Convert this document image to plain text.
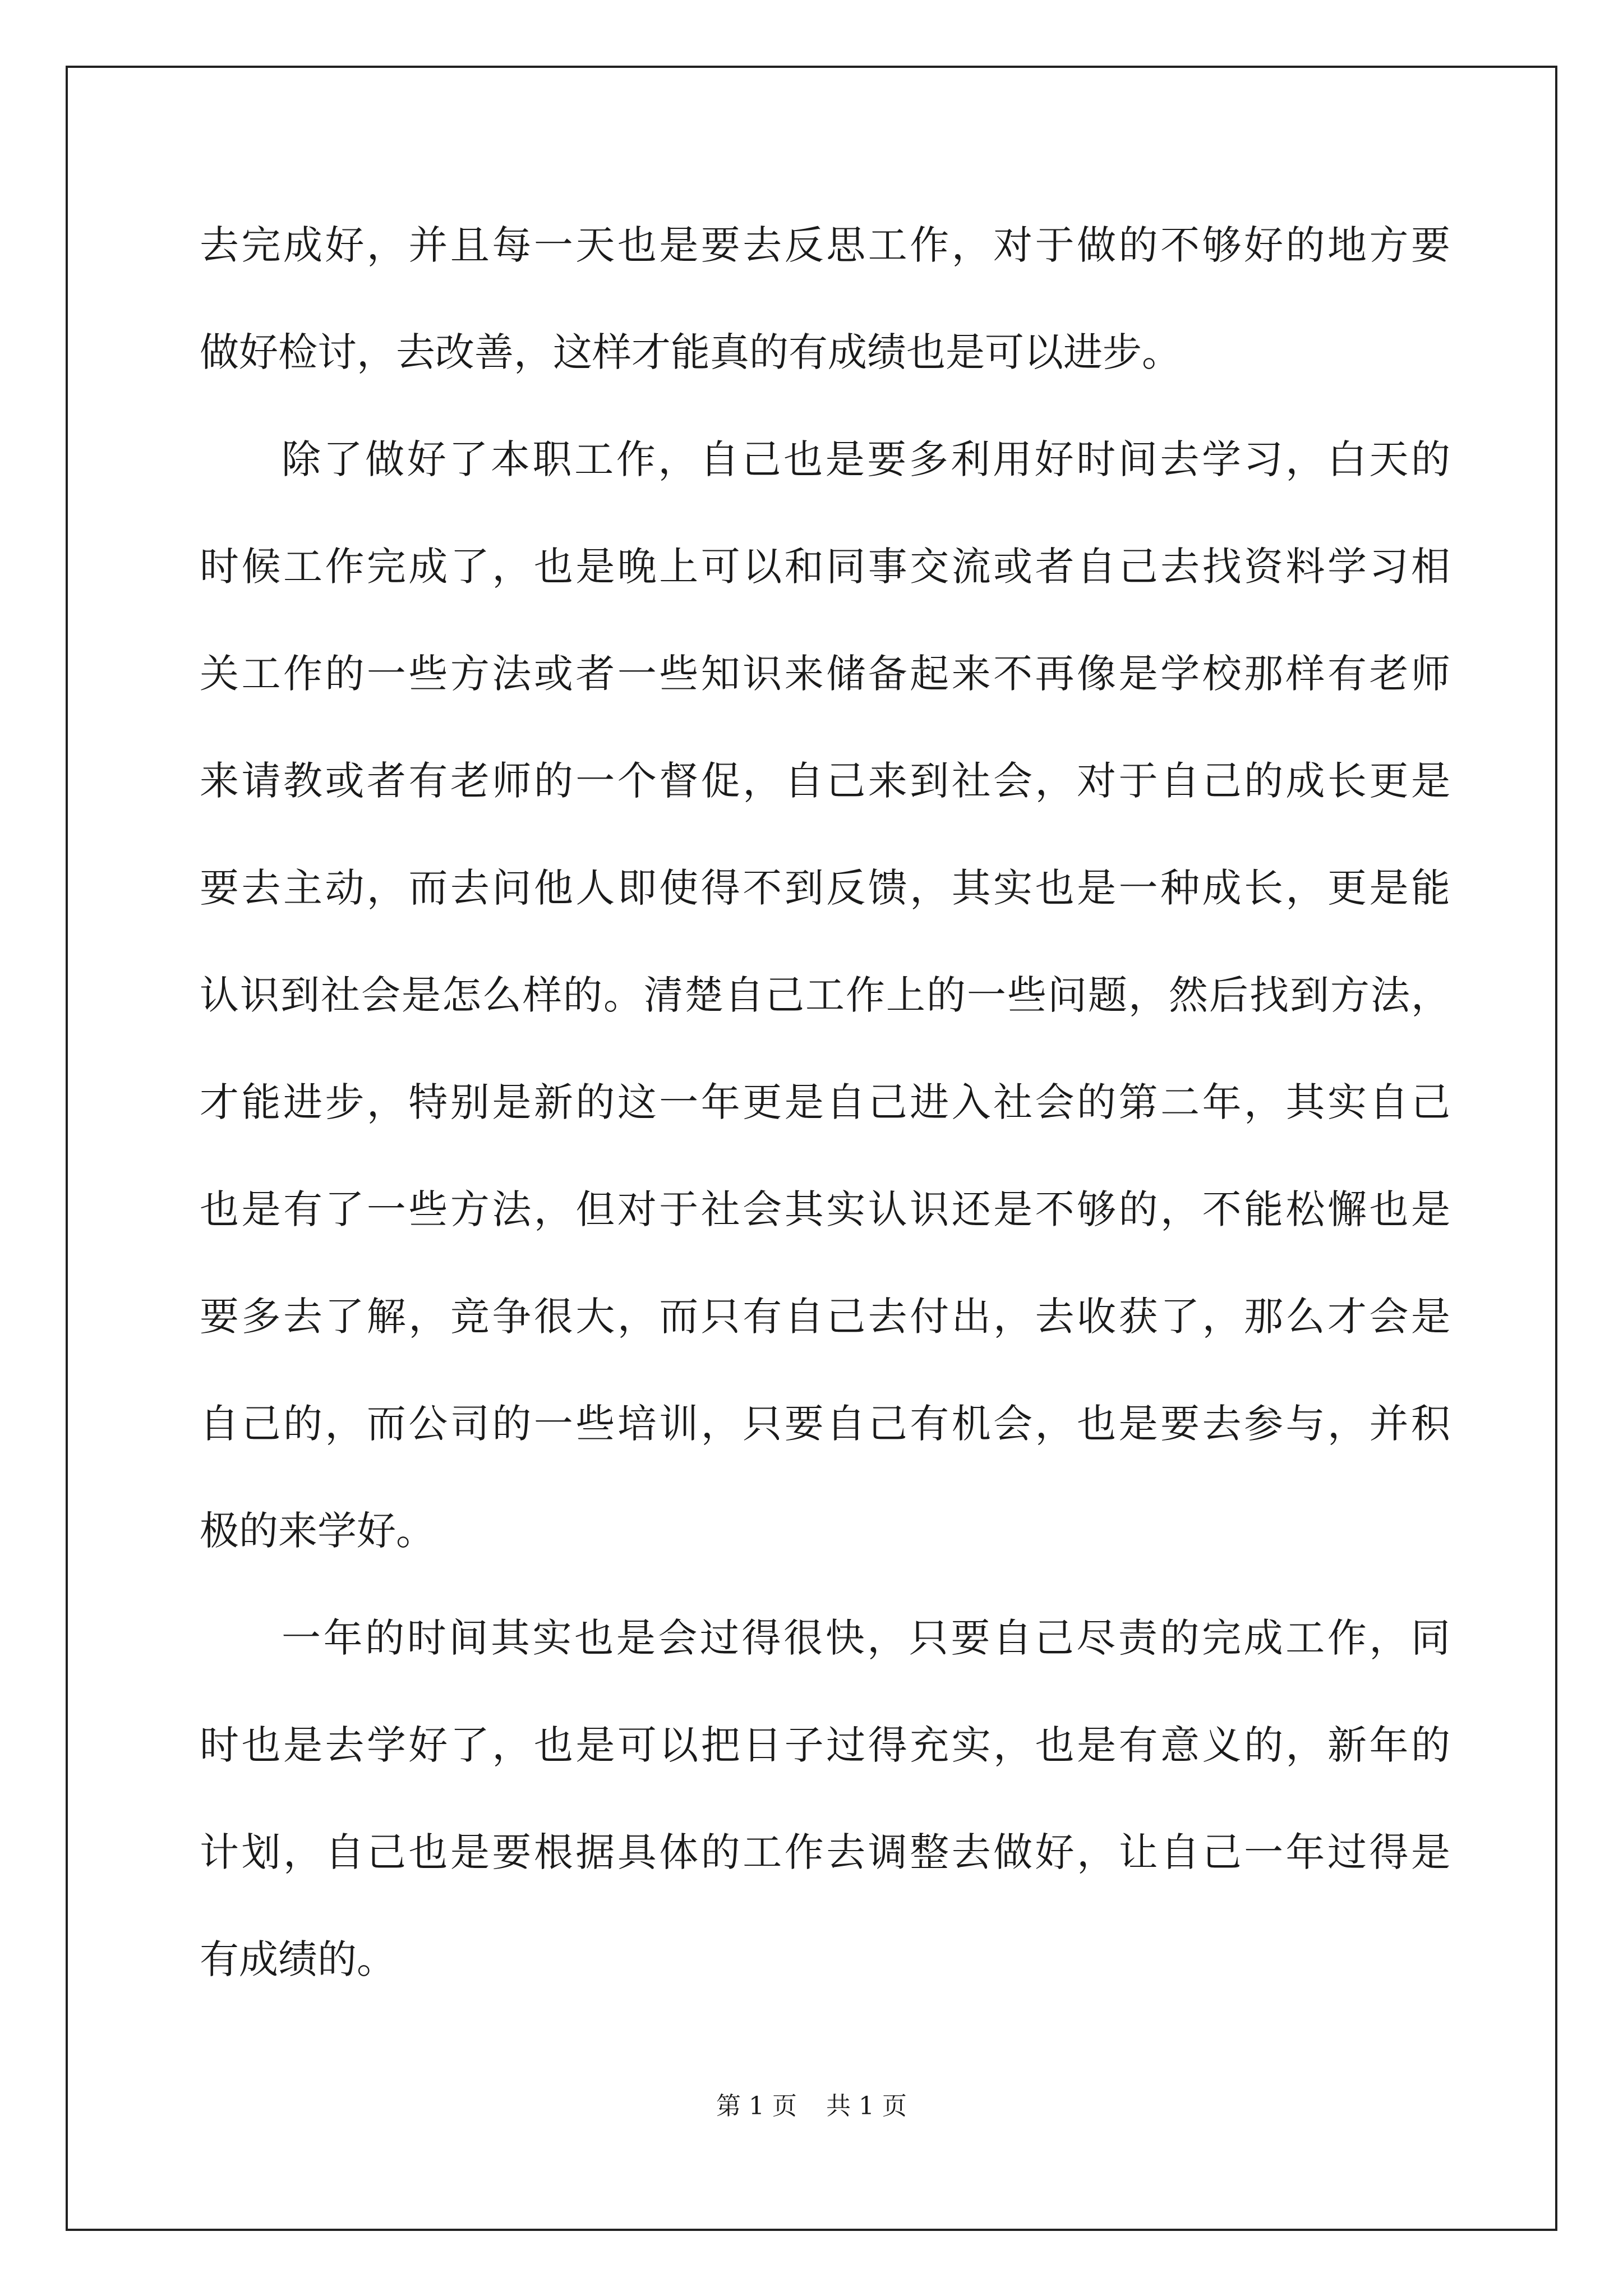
去完成好，并且每一天也是要去反思工作，对于做的不够好的地方要
做好检讨，去改善，这样才能真的有成绩也是可以进步。
除了做好了本职工作，自己也是要多利用好时间去学习，白天的
时候工作完成了，也是晚上可以和同事交流或者自己去找资料学习相
关工作的一些方法或者一些知识来储备起来不再像是学校那样有老师
来请教或者有老师的一个督促，自己来到社会，对于自己的成长更是
要去主动，而去问他人即使得不到反馈，其实也是一种成长，更是能
认识到社会是怎么样的。清楚自己工作上的一些问题，然后找到方法，
才能进步，特别是新的这一年更是自己进入社会的第二年，其实自己
也是有了一些方法，但对于社会其实认识还是不够的，不能松懈也是
要多去了解，竞争很大，而只有自己去付出，去收获了，那么才会是
自己的，而公司的一些培训，只要自己有机会，也是要去参与，并积
极的来学好。
一年的时间其实也是会过得很快，只要自己尽责的完成工作，同
时也是去学好了，也是可以把日子过得充实，也是有意义的，新年的
计划，自己也是要根据具体的工作去调整去做好，让自己一年过得是
有成绩的。
第 1 页 共 1 页
